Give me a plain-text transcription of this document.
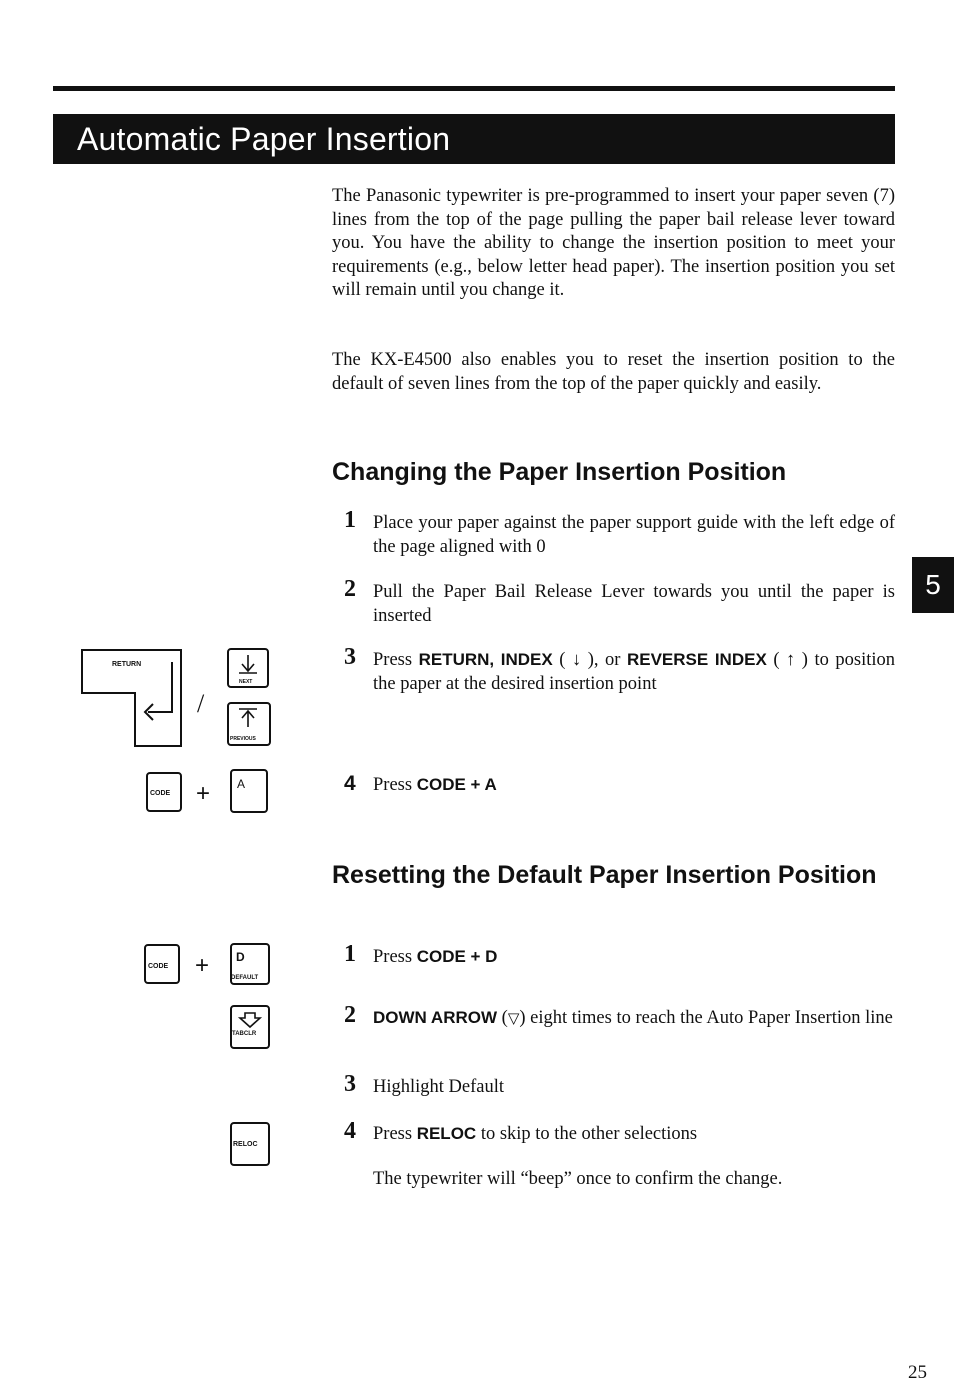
Automatic Paper Insertion

The Panasonic typewriter is pre-programmed to insert your paper seven (7) lines from the top of the page pulling the paper bail release lever toward you. You have the ability to change the insertion position to meet your requirements (e.g., below letter head paper). The insertion position you set will remain until you change it.

The KX-E4500 also enables you to reset the insertion position to the default of seven lines from the top of the paper quickly and easily.

Changing the Paper Insertion Position
1 Place your paper against the paper support guide with the left edge of the page aligned with 0
2 Pull the Paper Bail Release Lever towards you until the paper is inserted
3 Press RETURN, INDEX ( ↓ ), or REVERSE INDEX ( ↑ ) to position the paper at the desired insertion point
4 Press CODE + A
Resetting the Default Paper Insertion Position
1 Press CODE + D
2 DOWN ARROW (▽) eight times to reach the Auto Paper Insertion line
3 Highlight Default
4 Press RELOC to skip to the other selections
The typewriter will “beep” once to confirm the change.
RETURN
/
NEXT
PREVIOUS
CODE + A
CODE + D
DEFAULT
TABCLR
RELOC
5
25
